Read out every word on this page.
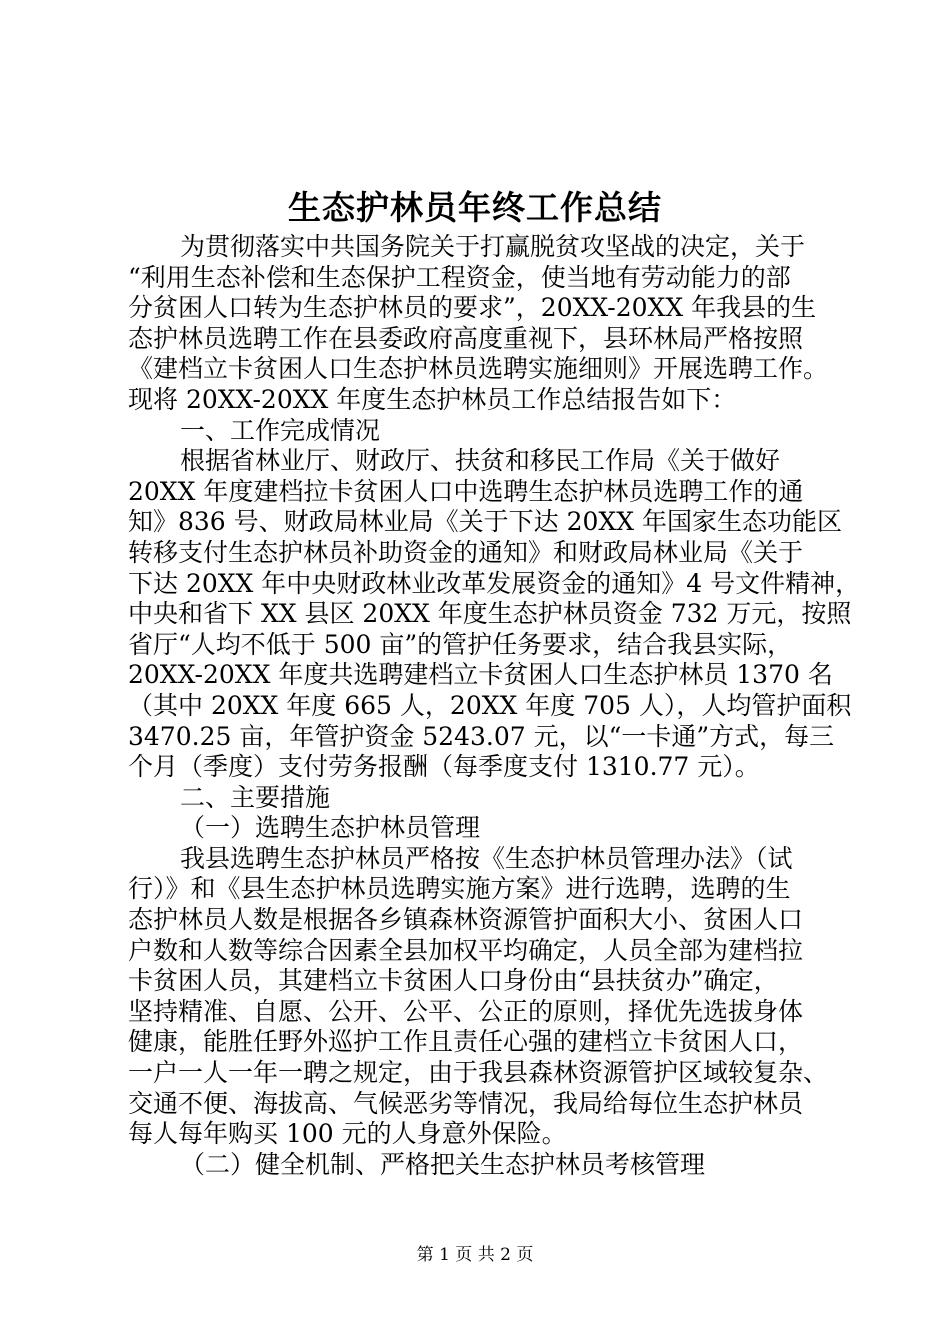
生态护林员年终工作总结
为贯彻落实中共国务院关于打赢脱贫攻坚战的决定，关于
“利用生态补偿和生态保护工程资金，使当地有劳动能力的部
分贫困人口转为生态护林员的要求”，20XX-20XX 年我县的生
态护林员选聘工作在县委政府高度重视下，县环林局严格按照
《建档立卡贫困人口生态护林员选聘实施细则》开展选聘工作。
现将 20XX-20XX 年度生态护林员工作总结报告如下：
一、工作完成情况
根据省林业厅、财政厅、扶贫和移民工作局《关于做好
20XX 年度建档拉卡贫困人口中选聘生态护林员选聘工作的通
知》836 号、财政局林业局《关于下达 20XX 年国家生态功能区
转移支付生态护林员补助资金的通知》和财政局林业局《关于
下达 20XX 年中央财政林业改革发展资金的通知》4 号文件精神，
中央和省下 XX 县区 20XX 年度生态护林员资金 732 万元，按照
省厅“人均不低于 500 亩”的管护任务要求，结合我县实际，
20XX-20XX 年度共选聘建档立卡贫困人口生态护林员 1370 名
（其中 20XX 年度 665 人，20XX 年度 705 人），人均管护面积
3470.25 亩，年管护资金 5243.07 元，以“一卡通”方式，每三
个月（季度）支付劳务报酬（每季度支付 1310.77 元）。
二、主要措施
（一）选聘生态护林员管理
我县选聘生态护林员严格按《生态护林员管理办法》（试
行）》和《县生态护林员选聘实施方案》进行选聘，选聘的生
态护林员人数是根据各乡镇森林资源管护面积大小、贫困人口
户数和人数等综合因素全县加权平均确定，人员全部为建档拉
卡贫困人员，其建档立卡贫困人口身份由“县扶贫办”确定，
坚持精准、自愿、公开、公平、公正的原则，择优先选拔身体
健康，能胜任野外巡护工作且责任心强的建档立卡贫困人口，
一户一人一年一聘之规定，由于我县森林资源管护区域较复杂、
交通不便、海拔高、气候恶劣等情况，我局给每位生态护林员
每人每年购买 100 元的人身意外保险。
（二）健全机制、严格把关生态护林员考核管理
第 1 页 共 2 页
